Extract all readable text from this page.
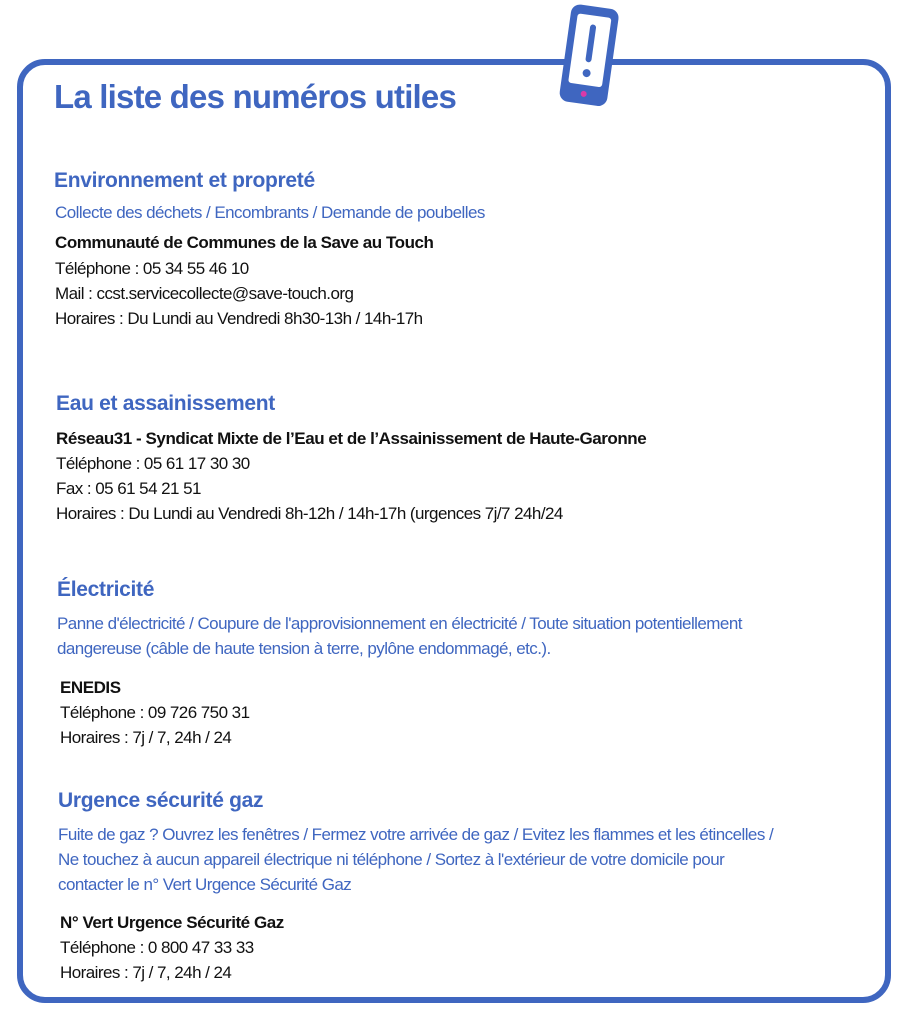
La liste des numéros utiles
Environnement et propreté

Collecte des déchets / Encombrants / Demande de poubelles

Communauté de Communes de la Save au Touch

Téléphone : 05 34 55 46 10

Mail : ccst.servicecollecte@save-touch.org

Horaires : Du Lundi au Vendredi 8h30-13h / 14h-17h

Eau et assainissement

Réseau31 - Syndicat Mixte de l’Eau et de l’Assainissement de Haute-Garonne

Téléphone : 05 61 17 30 30

Fax : 05 61 54 21 51

Horaires : Du Lundi au Vendredi 8h-12h / 14h-17h (urgences 7j/7 24h/24

Électricité

Panne d'électricité / Coupure de l'approvisionnement en électricité / Toute situation potentiellement

dangereuse (câble de haute tension à terre, pylône endommagé, etc.).

ENEDIS

Téléphone : 09 726 750 31

Horaires : 7j / 7, 24h / 24

Urgence sécurité gaz

Fuite de gaz ? Ouvrez les fenêtres / Fermez votre arrivée de gaz / Evitez les flammes et les étincelles /

Ne touchez à aucun appareil électrique ni téléphone / Sortez à l'extérieur de votre domicile pour

contacter le n° Vert Urgence Sécurité Gaz

N° Vert Urgence Sécurité Gaz

Téléphone : 0 800 47 33 33

Horaires : 7j / 7, 24h / 24
